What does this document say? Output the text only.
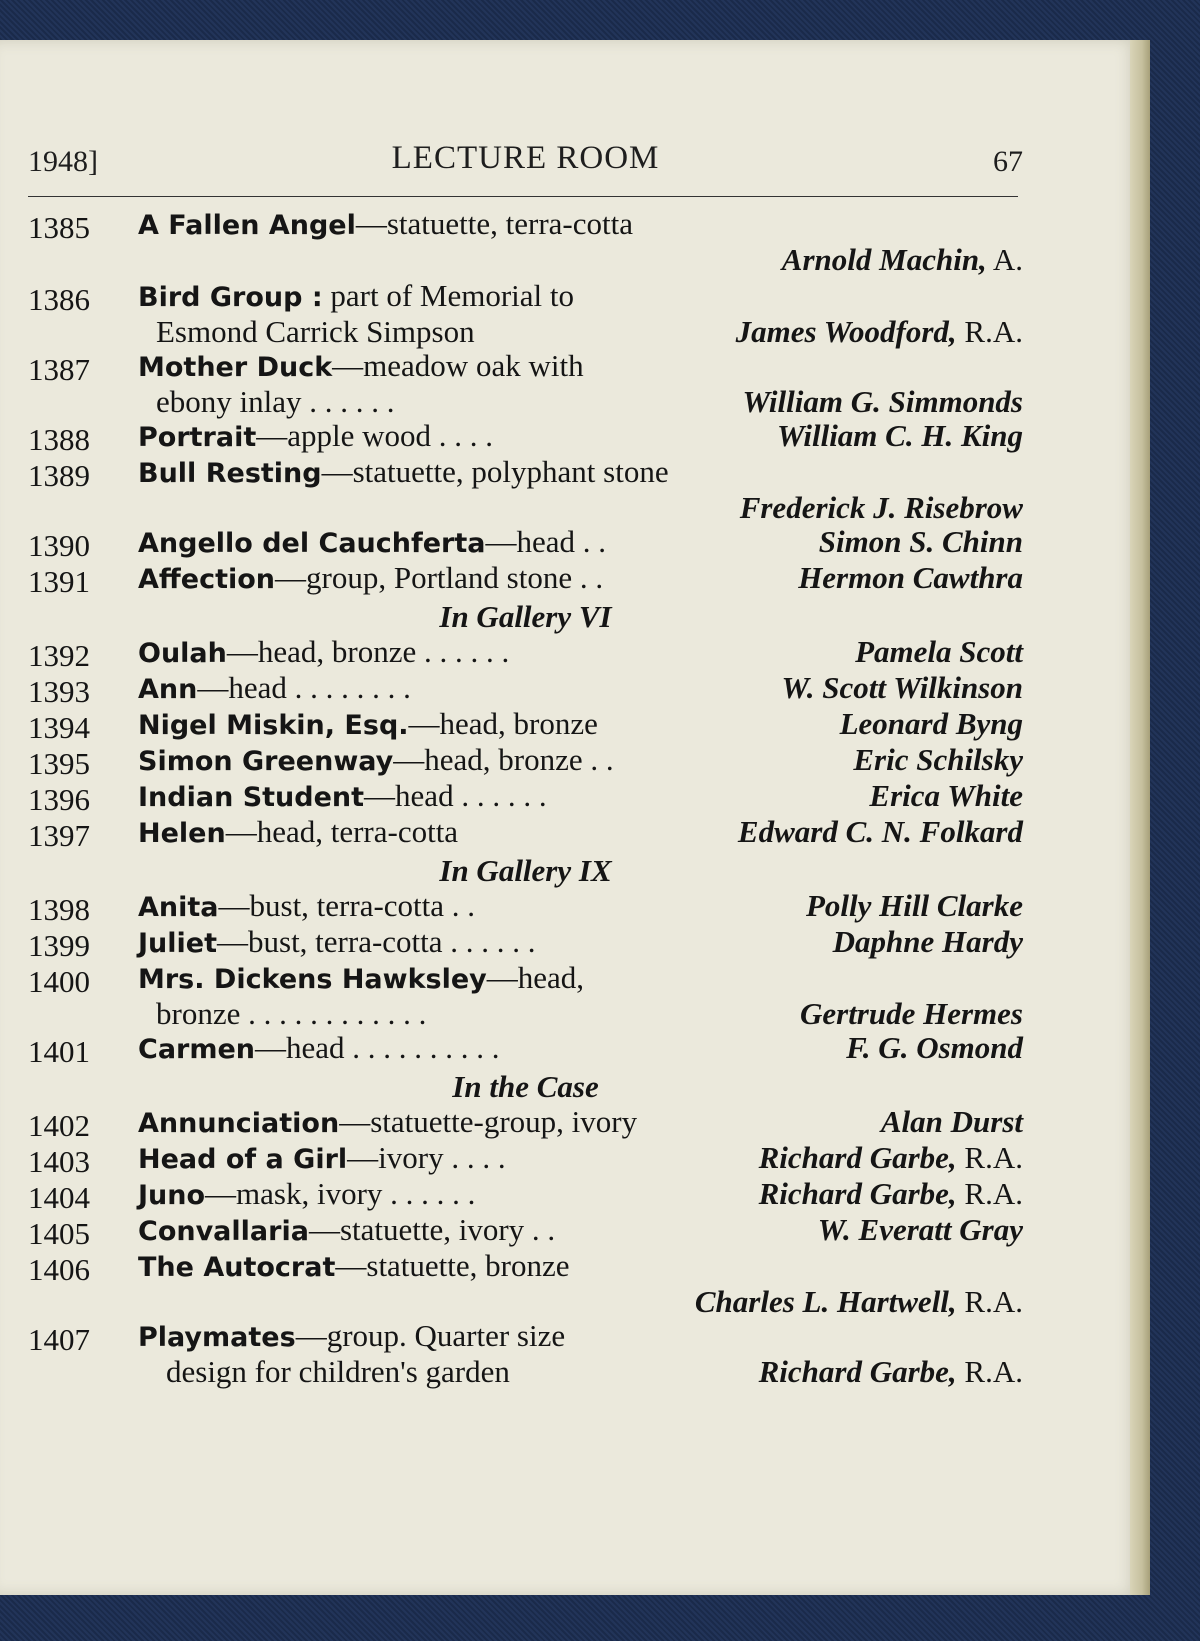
1948]	LECTURE ROOM	67
1385	A Fallen Angel—statuette, terra-cotta
Arnold Machin, A.
1386	Bird Group : part of Memorial to
Esmond Carrick Simpson	James Woodford, R.A.
1387	Mother Duck—meadow oak with
ebony inlay . . . . . .	William G. Simmonds
1388	Portrait—apple wood . . . .	William C. H. King
1389	Bull Resting—statuette, polyphant stone
Frederick J. Risebrow
1390	Angello del Cauchferta—head . .	Simon S. Chinn
1391	Affection—group, Portland stone . .	Hermon Cawthra
In Gallery VI
1392	Oulah—head, bronze . . . . . .	Pamela Scott
1393	Ann—head . . . . . . . .	W. Scott Wilkinson
1394	Nigel Miskin, Esq.—head, bronze	Leonard Byng
1395	Simon Greenway—head, bronze . .	Eric Schilsky
1396	Indian Student—head . . . . . .	Erica White
1397	Helen—head, terra-cotta	Edward C. N. Folkard
In Gallery IX
1398	Anita—bust, terra-cotta . .	Polly Hill Clarke
1399	Juliet—bust, terra-cotta . . . . . .	Daphne Hardy
1400	Mrs. Dickens Hawksley—head,
bronze . . . . . . . . . . . .	Gertrude Hermes
1401	Carmen—head . . . . . . . . . .	F. G. Osmond
In the Case
1402	Annunciation—statuette-group, ivory	Alan Durst
1403	Head of a Girl—ivory . . . .	Richard Garbe, R.A.
1404	Juno—mask, ivory . . . . . .	Richard Garbe, R.A.
1405	Convallaria—statuette, ivory . .	W. Everatt Gray
1406	The Autocrat—statuette, bronze
Charles L. Hartwell, R.A.
1407	Playmates—group. Quarter size
design for children's garden	Richard Garbe, R.A.
